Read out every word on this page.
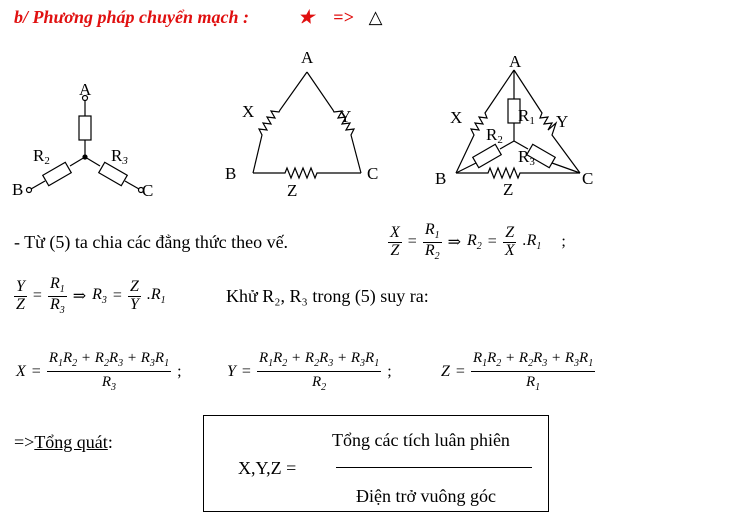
b/ Phương pháp chuyển mạch :	★ => △
A
B	C
R2	R3
A
B	C
X	Y
Z
A
B	C
X	Y
Z
R1
R2
R3
- Từ (5) ta chia các đẳng thức theo vế.	$\frac{X}{Z} = \frac{R_1}{R_2}$ ⇒ $R_2 = \frac{Z}{X} .R_1$ ;
$\frac{Y}{Z} = \frac{R_1}{R_3}$ ⇒ $R_3 = \frac{Z}{Y} .R_1$	Khử R₂, R₃ trong (5) suy ra:
$X = \frac{R_1R_2 + R_2R_3 + R_3R_1}{R_3}$ ;	$Y = \frac{R_1R_2 + R_2R_3 + R_3R_1}{R_2}$ ;	$Z = \frac{R_1R_2 + R_2R_3 + R_3R_1}{R_1}$
=>Tổng quát:
X,Y,Z =
Tổng các tích luân phiên
Điện trở vuông góc
